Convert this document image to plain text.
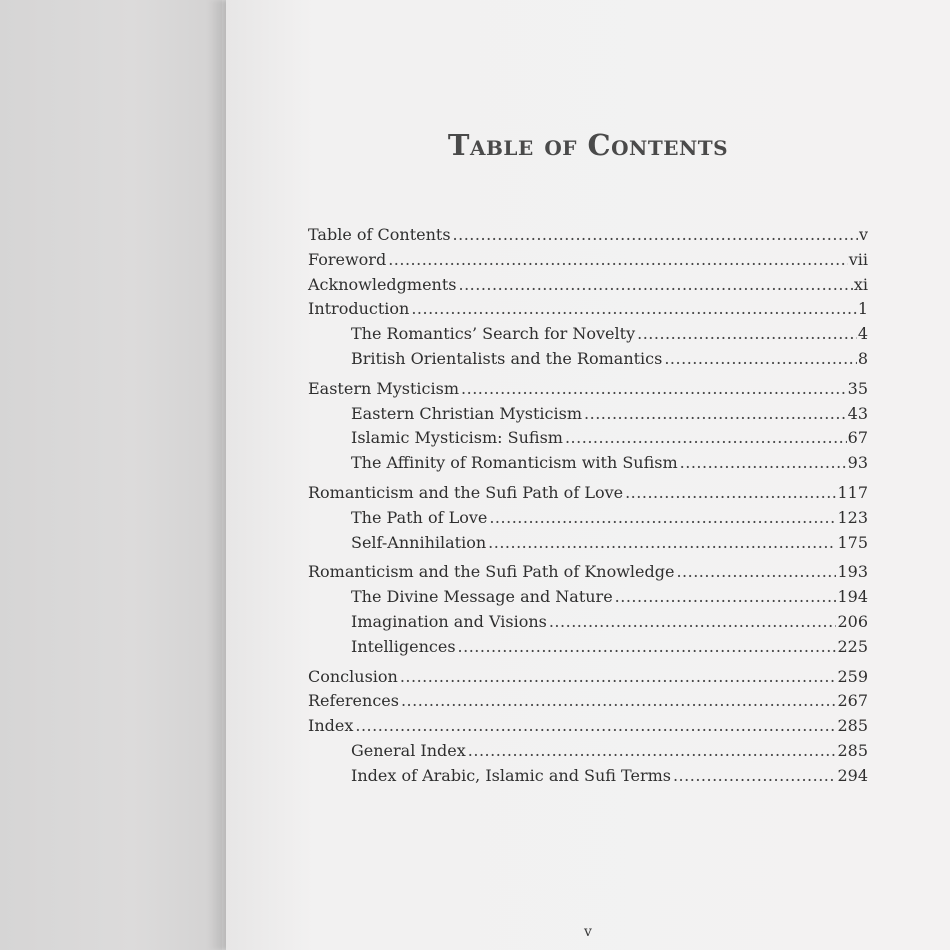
Table of Contents
Table of Contents .....	v
Foreword .....	vii
Acknowledgments .....	xi
Introduction .....	1
The Romantics’ Search for Novelty .....	4
British Orientalists and the Romantics .....	8
Eastern Mysticism .....	35
Eastern Christian Mysticism .....	43
Islamic Mysticism: Sufism .....	67
The Affinity of Romanticism with Sufism .....	93
Romanticism and the Sufi Path of Love .....	117
The Path of Love .....	123
Self-Annihilation .....	175
Romanticism and the Sufi Path of Knowledge .....	193
The Divine Message and Nature .....	194
Imagination and Visions .....	206
Intelligences .....	225
Conclusion .....	259
References .....	267
Index .....	285
General Index .....	285
Index of Arabic, Islamic and Sufi Terms .....	294
v
